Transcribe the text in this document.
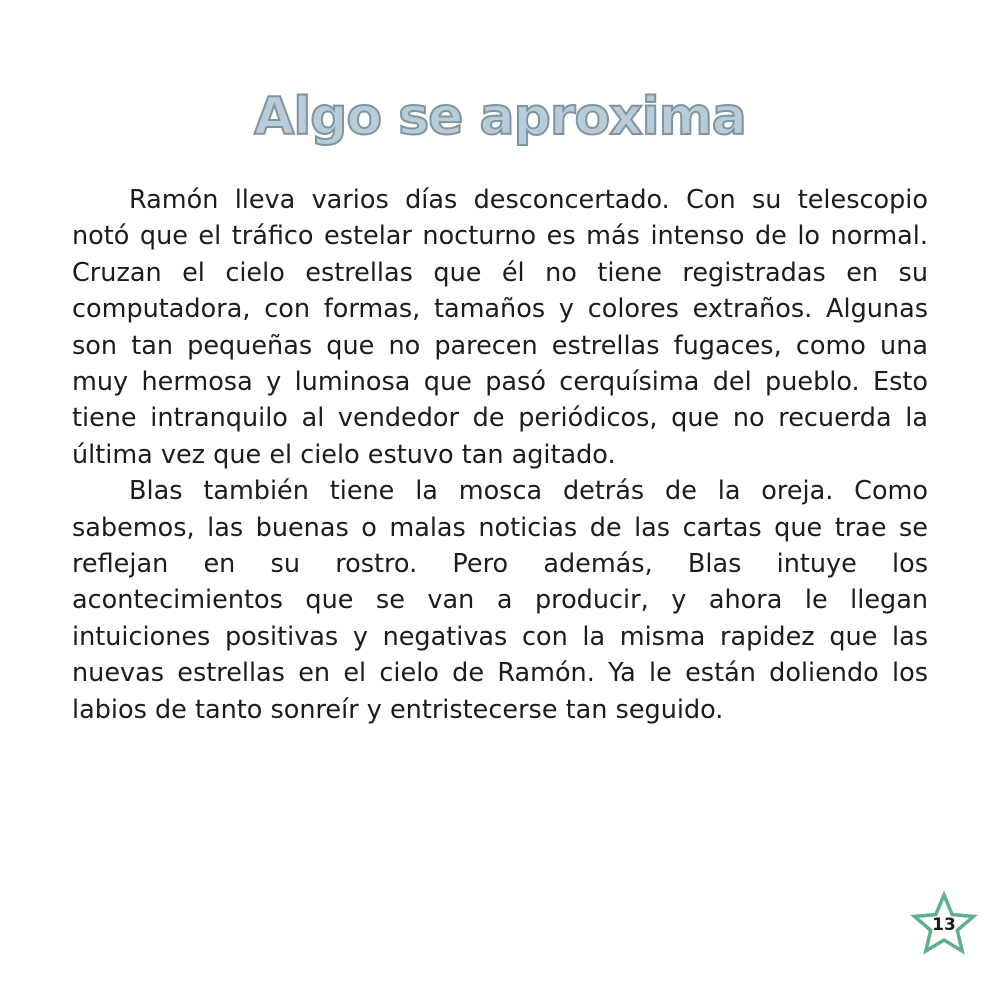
Algo se aproxima

Ramón lleva varios días desconcertado. Con su telescopio notó que el tráfico estelar nocturno es más intenso de lo normal. Cruzan el cielo estrellas que él no tiene registradas en su computadora, con formas, tamaños y colores extraños. Algunas son tan pequeñas que no parecen estrellas fugaces, como una muy hermosa y luminosa que pasó cerquísima del pueblo. Esto tiene intranquilo al vendedor de periódicos, que no recuerda la última vez que el cielo estuvo tan agitado.

Blas también tiene la mosca detrás de la oreja. Como sabemos, las buenas o malas noticias de las cartas que trae se reflejan en su rostro. Pero además, Blas intuye los acontecimientos que se van a producir, y ahora le llegan intuiciones positivas y negativas con la misma rapidez que las nuevas estrellas en el cielo de Ramón. Ya le están doliendo los labios de tanto sonreír y entristecerse tan seguido.

13
